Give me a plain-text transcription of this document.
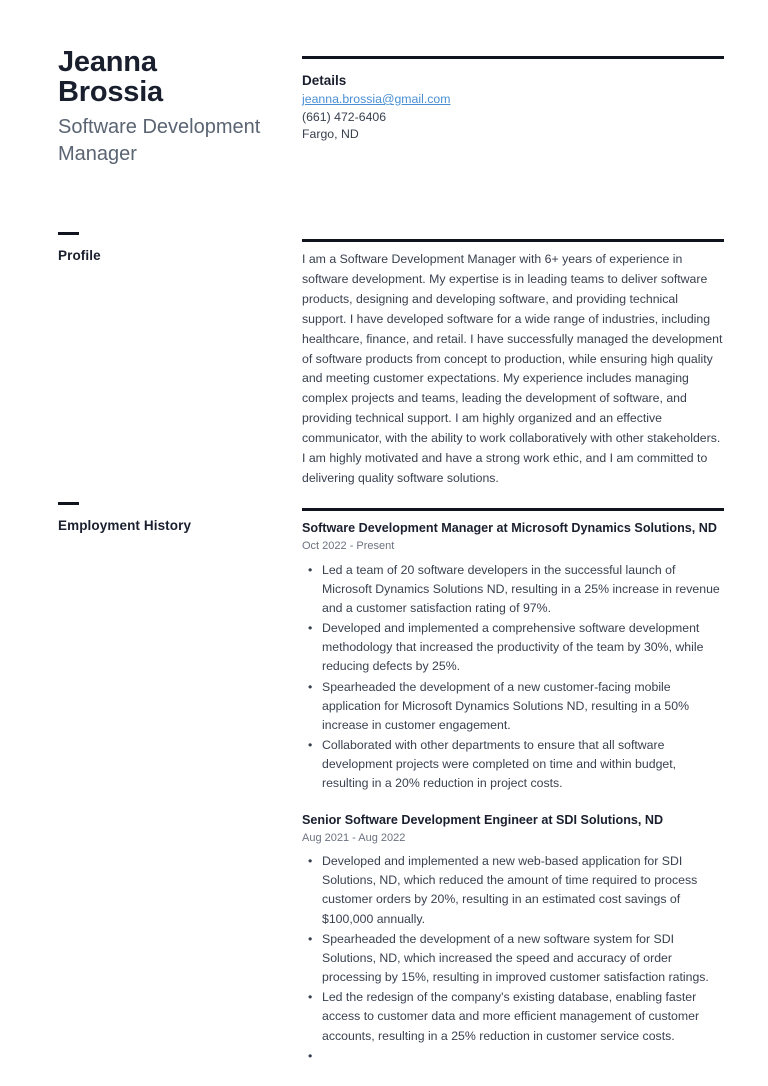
Jeanna
Brossia
Software Development Manager
Details
jeanna.brossia@gmail.com
(661) 472-6406
Fargo, ND
Profile	I am a Software Development Manager with 6+ years of experience in software development. My expertise is in leading teams to deliver software products, designing and developing software, and providing technical support. I have developed software for a wide range of industries, including healthcare, finance, and retail. I have successfully managed the development of software products from concept to production, while ensuring high quality and meeting customer expectations. My experience includes managing complex projects and teams, leading the development of software, and providing technical support. I am highly organized and an effective communicator, with the ability to work collaboratively with other stakeholders. I am highly motivated and have a strong work ethic, and I am committed to delivering quality software solutions.

Employment History	Software Development Manager at Microsoft Dynamics Solutions, ND
Oct 2022 - Present
• Led a team of 20 software developers in the successful launch of Microsoft Dynamics Solutions ND, resulting in a 25% increase in revenue and a customer satisfaction rating of 97%.
• Developed and implemented a comprehensive software development methodology that increased the productivity of the team by 30%, while reducing defects by 25%.
• Spearheaded the development of a new customer-facing mobile application for Microsoft Dynamics Solutions ND, resulting in a 50% increase in customer engagement.
• Collaborated with other departments to ensure that all software development projects were completed on time and within budget, resulting in a 20% reduction in project costs.
Senior Software Development Engineer at SDI Solutions, ND
Aug 2021 - Aug 2022
• Developed and implemented a new web-based application for SDI Solutions, ND, which reduced the amount of time required to process customer orders by 20%, resulting in an estimated cost savings of $100,000 annually.
• Spearheaded the development of a new software system for SDI Solutions, ND, which increased the speed and accuracy of order processing by 15%, resulting in improved customer satisfaction ratings.
• Led the redesign of the company's existing database, enabling faster access to customer data and more efficient management of customer accounts, resulting in a 25% reduction in customer service costs.
•
